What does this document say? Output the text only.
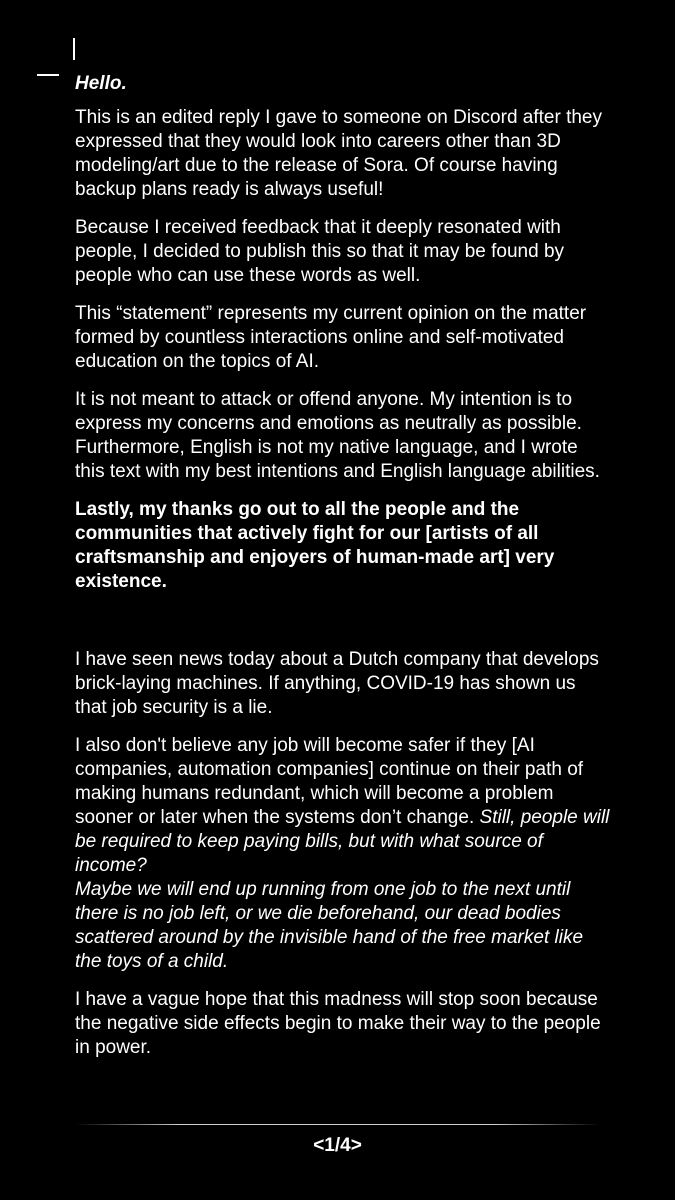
Hello.

This is an edited reply I gave to someone on Discord after they expressed that they would look into careers other than 3D modeling/art due to the release of Sora. Of course having backup plans ready is always useful!

Because I received feedback that it deeply resonated with people, I decided to publish this so that it may be found by people who can use these words as well.

This “statement” represents my current opinion on the matter formed by countless interactions online and self-motivated education on the topics of AI.

It is not meant to attack or offend anyone. My intention is to express my concerns and emotions as neutrally as possible. Furthermore, English is not my native language, and I wrote this text with my best intentions and English language abilities.

Lastly, my thanks go out to all the people and the communities that actively fight for our [artists of all craftsmanship and enjoyers of human-made art] very existence.

I have seen news today about a Dutch company that develops brick-laying machines. If anything, COVID-19 has shown us that job security is a lie.

I also don't believe any job will become safer if they [AI companies, automation companies] continue on their path of making humans redundant, which will become a problem sooner or later when the systems don’t change. Still, people will be required to keep paying bills, but with what source of income?
Maybe we will end up running from one job to the next until there is no job left, or we die beforehand, our dead bodies scattered around by the invisible hand of the free market like the toys of a child.

I have a vague hope that this madness will stop soon because the negative side effects begin to make their way to the people in power.

<1/4>
